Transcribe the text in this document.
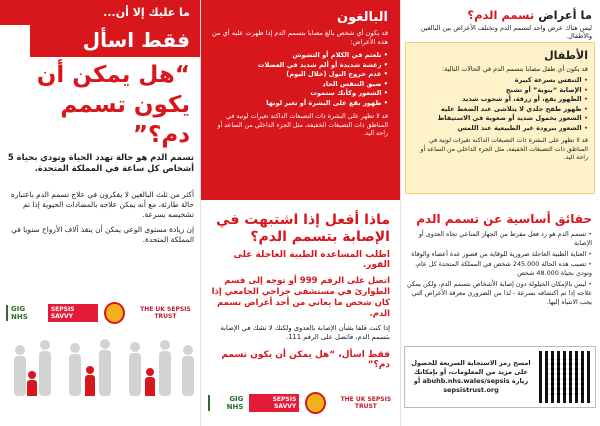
ما عليك إلا أن...
فقط اسأل
“هل يمكن أن يكون تسمم دم؟”

تسمم الدم هو حالة تهدد الحياة وتودي بحياة 5 أشخاص كل ساعة في المملكة المتحدة.

أكثر من ثلث البالغين لا يفكرون في علاج تسمم الدم باعتباره حالة طارئة، مع أنه يمكن علاجه بالمضادات الحيوية إذا تم تشخيصه بسرعة.

إن زيادة مستوى الوعي يمكن أن ينقذ آلاف الأرواح سنويا في المملكة المتحدة.

GIG NHS
SEPSIS SAVVY
THE UK SEPSIS TRUST
البالغون

قد يكون أي شخص بالغ مصابا بتسمم الدم إذا ظهرت عليه أي من هذه الأعراض:

• تلعثم في الكلام أو التشوش
• رعشة شديدة أو ألم شديد في العضلات
• عدم خروج البول (خلال اليوم)
• ضيق التنفس الحاد
• الشعور وكأنك ستموت
• ظهور بقع على البشرة أو تغير لونها

قد لا تظهر على البشرة ذات التصبغات الداكنة تغيرات لونية في المناطق ذات التصبغات الخفيفة، مثل الجزء الداخلي من الساعد أو راحة اليد.

ماذا أفعل إذا اشتبهت في الإصابة بتسمم الدم؟

اطلب المساعدة الطبية العاجلة على الفور.

اتصل على الرقم 999 أو توجه إلى قسم الطوارئ في مستشفى جراحي الجامعي إذا كان شخص ما يعاني من أحد أعراض تسمم الدم.

إذا كنت قلقا بشأن الإصابة بالعدوى ولكنك لا تشك في الإصابة بتسمم الدم، فاتصل على الرقم 111.

فقط اسأل، “هل يمكن أن يكون تسمم دم؟”

GIG NHS
SEPSIS SAVVY
THE UK SEPSIS TRUST
ما أعراض تسمم الدم؟

ليس هناك عرض واحد لتسمم الدم وتختلف الأعراض بين البالغين والأطفال.

الأطفال

قد يكون أي طفل مصابا بتسمم الدم في الحالات التالية:

• التنفس بسرعة كبيرة
• الإصابة “بنوبة” أو تشنج
• الظهور بقع، أو زرقة، أو شحوب شديد
• ظهور طفح جلدي لا يتلاشى عند الضغط عليه
• الشعور بخمول شديد أو صعوبة في الاستيقاظ
• الشعور ببرودة غير الطبيعية عند اللمس

قد لا تظهر على البشرة ذات التصبغات الداكنة تغيرات لونية في المناطق ذات التصبغات الخفيفة، مثل الجزء الداخلي من الساعد أو راحة اليد.

حقائق أساسية عن تسمم الدم
• تسمم الدم هو رد فعل مفرط من الجهاز المناعي تجاه العدوى أو الإصابة
• العناية الطبية العاجلة ضرورية للوقاية من قصور عدة أعضاء والوفاة
• تصيب هذه الحالة 245.000 شخص في المملكة المتحدة كل عام، وتودي بحياة 48.000 شخص
• ليس بالإمكان الحيلولة دون إصابة الأشخاص بتسمم الدم، ولكن يمكن علاجه إذا تم اكتشافه بسرعة - لذا من الضروري معرفة الأعراض التي يجب الانتباه إليها.

امسح رمز الاستجابة السريعة للحصول على مزيد من المعلومات، أو بإمكانك زيارة abuhb.nhs.wales/sepsis أو sepsistrust.org
